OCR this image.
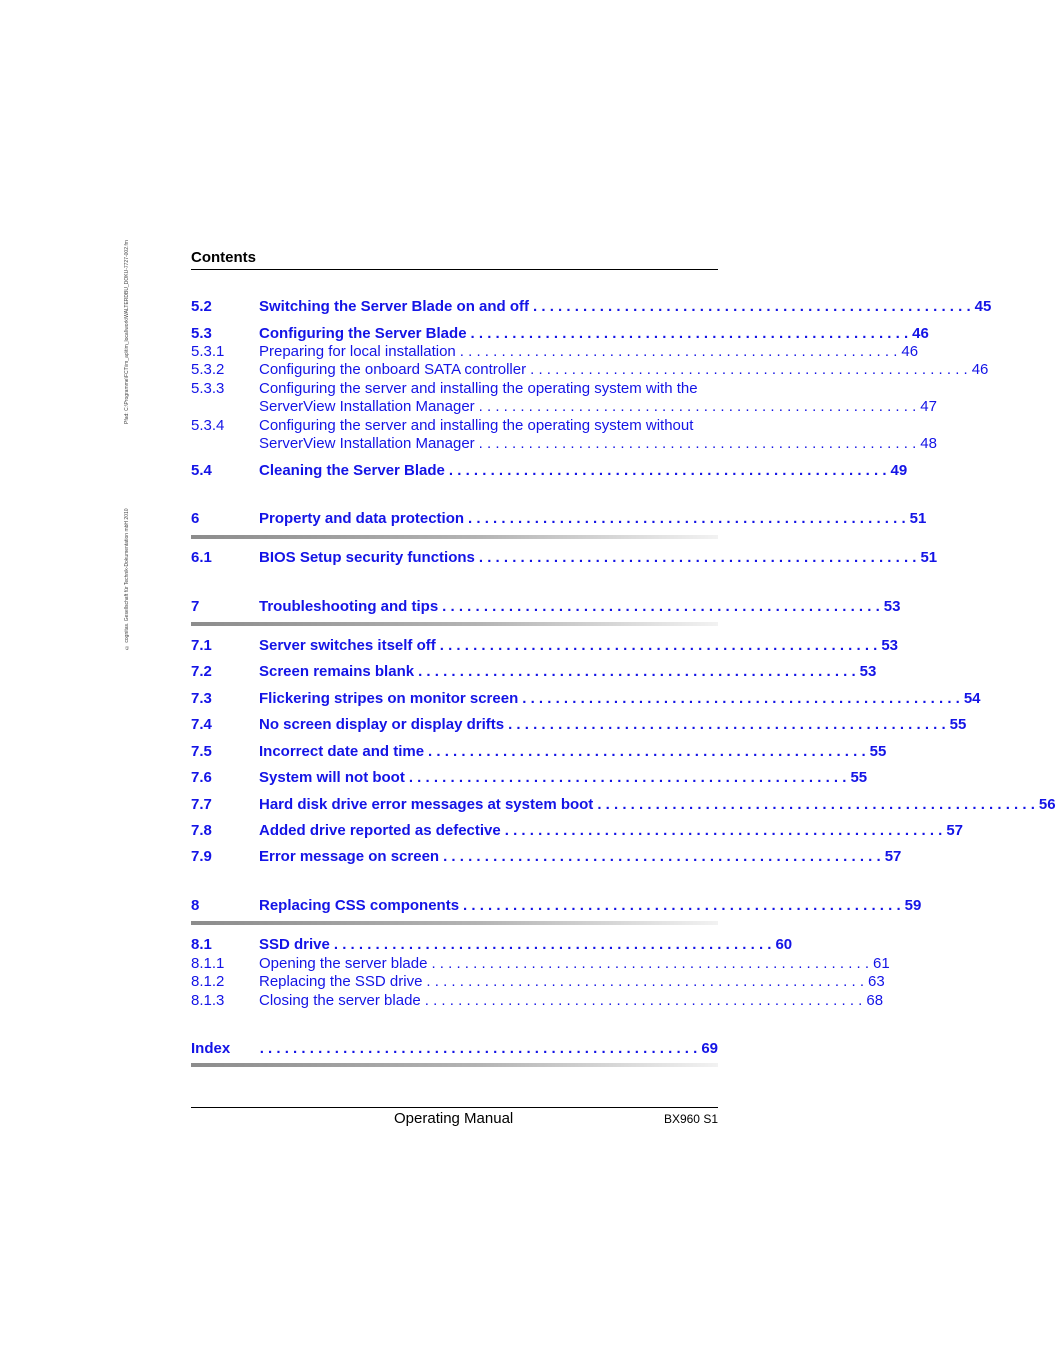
© cognitas. Gesellschaft für Technik-Dokumentation mbH 2010
Pfad: C:\Programme\FCT\im_ap\tim_local\work\WALTERDBU_DOKU-7727-002.fm	Contents
5.2	Switching the Server Blade on and off . . . . . . . . . . . . . . . . . . . . . . . . . . . . . . . . . . . . . . . . . . . . . . . . . . . . . 45
5.3	Configuring the Server Blade . . . . . . . . . . . . . . . . . . . . . . . . . . . . . . . . . . . . . . . . . . . . . . . . . . . . . 46
5.3.1 Preparing for local installation . . . . . . . . . . . . . . . . . . . . . . . . . . . . . . . . . . . . . . . . . . . . . . . . . . . . . 46
5.3.2 Configuring the onboard SATA controller . . . . . . . . . . . . . . . . . . . . . . . . . . . . . . . . . . . . . . . . . . . . . . . . . . . . . 46
5.3.3 Configuring the server and installing the operating system with the
ServerView Installation Manager . . . . . . . . . . . . . . . . . . . . . . . . . . . . . . . . . . . . . . . . . . . . . . . . . . . . . 47
5.3.4 Configuring the server and installing the operating system without
ServerView Installation Manager . . . . . . . . . . . . . . . . . . . . . . . . . . . . . . . . . . . . . . . . . . . . . . . . . . . . . 48
5.4	Cleaning the Server Blade . . . . . . . . . . . . . . . . . . . . . . . . . . . . . . . . . . . . . . . . . . . . . . . . . . . . . 49
6	Property and data protection . . . . . . . . . . . . . . . . . . . . . . . . . . . . . . . . . . . . . . . . . . . . . . . . . . . . . 51
6.1	BIOS Setup security functions . . . . . . . . . . . . . . . . . . . . . . . . . . . . . . . . . . . . . . . . . . . . . . . . . . . . . 51
7	Troubleshooting and tips . . . . . . . . . . . . . . . . . . . . . . . . . . . . . . . . . . . . . . . . . . . . . . . . . . . . . 53
7.1	Server switches itself off . . . . . . . . . . . . . . . . . . . . . . . . . . . . . . . . . . . . . . . . . . . . . . . . . . . . . 53
7.2	Screen remains blank . . . . . . . . . . . . . . . . . . . . . . . . . . . . . . . . . . . . . . . . . . . . . . . . . . . . . 53
7.3	Flickering stripes on monitor screen . . . . . . . . . . . . . . . . . . . . . . . . . . . . . . . . . . . . . . . . . . . . . . . . . . . . . 54
7.4	No screen display or display drifts . . . . . . . . . . . . . . . . . . . . . . . . . . . . . . . . . . . . . . . . . . . . . . . . . . . . . 55
7.5	Incorrect date and time . . . . . . . . . . . . . . . . . . . . . . . . . . . . . . . . . . . . . . . . . . . . . . . . . . . . . 55
7.6	System will not boot . . . . . . . . . . . . . . . . . . . . . . . . . . . . . . . . . . . . . . . . . . . . . . . . . . . . . 55
7.7	Hard disk drive error messages at system boot . . . . . . . . . . . . . . . . . . . . . . . . . . . . . . . . . . . . . . . . . . . . . . . . . . . . . 56
7.8	Added drive reported as defective . . . . . . . . . . . . . . . . . . . . . . . . . . . . . . . . . . . . . . . . . . . . . . . . . . . . . 57
7.9	Error message on screen . . . . . . . . . . . . . . . . . . . . . . . . . . . . . . . . . . . . . . . . . . . . . . . . . . . . . 57
8	Replacing CSS components . . . . . . . . . . . . . . . . . . . . . . . . . . . . . . . . . . . . . . . . . . . . . . . . . . . . . 59
8.1	SSD drive . . . . . . . . . . . . . . . . . . . . . . . . . . . . . . . . . . . . . . . . . . . . . . . . . . . . . 60
8.1.1 Opening the server blade . . . . . . . . . . . . . . . . . . . . . . . . . . . . . . . . . . . . . . . . . . . . . . . . . . . . . 61
8.1.2 Replacing the SSD drive . . . . . . . . . . . . . . . . . . . . . . . . . . . . . . . . . . . . . . . . . . . . . . . . . . . . . 63
8.1.3 Closing the server blade . . . . . . . . . . . . . . . . . . . . . . . . . . . . . . . . . . . . . . . . . . . . . . . . . . . . . 68
Index	. . . . . . . . . . . . . . . . . . . . . . . . . . . . . . . . . . . . . . . . . . . . . . . . . . . . . 69
Operating Manual	BX960 S1
